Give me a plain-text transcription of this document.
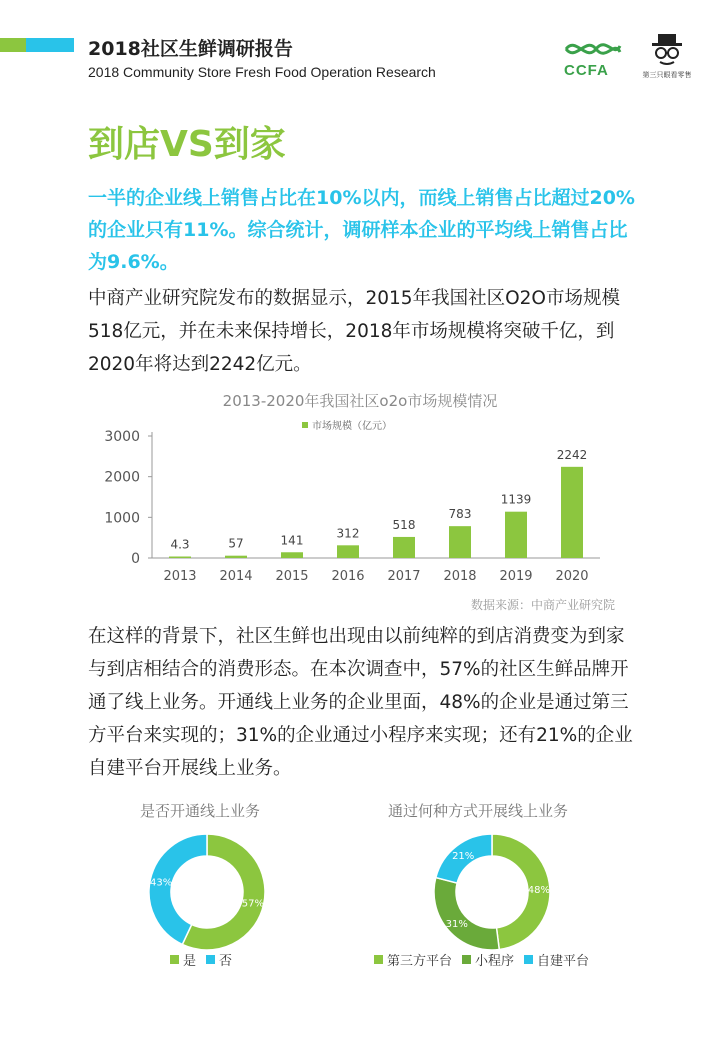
2018社区生鲜调研报告
2018 Community Store Fresh Food Operation Research	CCFA	第三只眼看零售
到店VS到家
一半的企业线上销售占比在10%以内，而线上销售占比超过20%的企业只有11%。综合统计，调研样本企业的平均线上销售占比为9.6%。
中商产业研究院发布的数据显示，2015年我国社区O2O市场规模518亿元，并在未来保持增长，2018年市场规模将突破千亿，到2020年将达到2242亿元。
2013-2020年我国社区o2o市场规模情况
市场规模（亿元）
0
1000
2000
3000
4.3
2013
57
2014
141
2015
312
2016
518
2017
783
2018
1139
2019
2242
2020
数据来源：中商产业研究院
在这样的背景下，社区生鲜也出现由以前纯粹的到店消费变为到家与到店相结合的消费形态。在本次调查中，57%的社区生鲜品牌开通了线上业务。开通线上业务的企业里面，48%的企业是通过第三方平台来实现的；31%的企业通过小程序来实现；还有21%的企业自建平台开展线上业务。
是否开通线上业务
57%
43%
是 否
通过何种方式开展线上业务
48%
31%
21%
第三方平台 小程序 自建平台
